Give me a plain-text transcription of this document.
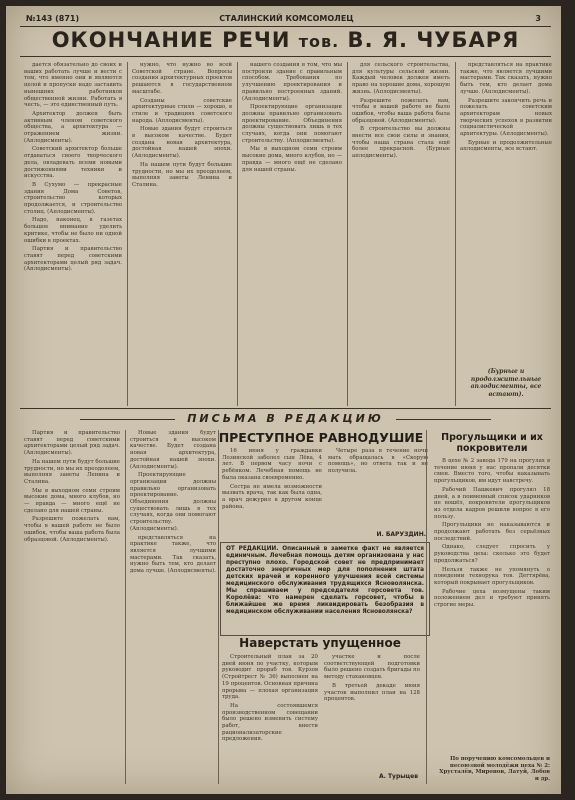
№143 (871)	СТАЛИНСКИЙ КОМСОМОЛЕЦ	3
ОКОНЧАНИЕ РЕЧИ тов. В. Я. ЧУБАРЯ

дается обязательно до своих и ваших работать лучше и вести с тем, что именно они и являются целой и пропуски надо заставить нынешних работников общественной жизни. Работать в честь, — это единственный путь.

Архитектор должен быть активным членом советского общества, а архитектура — отражением жизни. (Аплодисменты).

Советский архитектор больше отдаваться своего творческого дела, овладевать всеми новыми достижениями техники и искусства.

В Сухумо — прекрасные здания Дома Советов, строительство которых продолжается, и строительство столиц. (Аплодисменты).

Надо, наконец, в газетах большое внимание уделить критике, чтобы не было ни одной ошибки в проектах.

Партия и правительство ставят перед советскими архитекторами целый ряд задач. (Аплодисменты).

нужно, что нужно во всей Советской стране. Вопросы создания архитектурных проектов решаются в государственном масштабе.

Созданы советские архитектурные стили — хорошо, в стиле и традициях советского народа. (Аплодисменты).

Новые здания будут строиться в высоком качестве. Будет создана новая архитектура, достойная нашей эпохи. (Аплодисменты).

На нашем пути будут большие трудности, но мы их преодолеем, выполняя заветы Ленина и Сталина.

нашего создания в том, что мы построили здание с правильным способом. Требования по улучшению проектирования и правильно построенных зданий. (Аплодисменты).

Проектирующие организации должны правильно организовать проектирование. Объединения должны существовать лишь в тех случаях, когда они помогают строительству. (Аплодисменты).

Мы в выходном семи строим высокие дома, много клубов, но — правда — много ещё не сделано для нашей страны.

для сельского строительства, для культуры сельской жизни. Каждый человек должен иметь право на хорошие дома, хорошую жизнь. (Аплодисменты).

Разрешите пожелать вам, чтобы в вашей работе не было ошибок, чтобы ваша работа была образцовой. (Аплодисменты).

В строительство вы должны внести все свои силы и знания, чтобы наша страна стала ещё более прекрасной. (Бурные аплодисменты).

представляться на практике также, что является лучшими мастерами. Так сказать, нужно быть тем, кто делает дома лучше. (Аплодисменты).

Разрешите закончить речь и пожелать советским архитекторам новых творческих успехов в развитии социалистической архитектуры. (Аплодисменты).

Бурные и продолжительные аплодисменты, все встают.

(Бурные и продолжительные аплодисменты, все встают).
ПИСЬМА В РЕДАКЦИЮ
ПРЕСТУПНОЕ РАВНОДУШИЕ

16 июня у гражданки Лозинской заболел сын Лёва, 4 лет. В первом часу ночи с ребёнком. Лечебная помощь не была оказана своевременно.

Сестра не имела возможности вызвать врача, так как была одна, а врач дежурил в другом конце района.

Четыре раза в течение ночи мать обращалась в «Скорую помощь», но ответа так и не получила.

И. БАРУЗДИН.
ОТ РЕДАКЦИИ. Описанный в заметке факт не является единичным. Лечебная помощь детям организована у нас преступно плохо. Городской совет не предпринимает достаточно энергичных мер для пополнения штата детских врачей и коренного улучшения всей системы медицинского обслуживания трудящихся Ясноволянска. Мы спрашиваем у председателя горсовета тов. Королёва: что намерен сделать горсовет, чтобы в ближайшее же время ликвидировать безобразия в медицинском обслуживании населения Ясноволянска?

Партия и правительство ставят перед советскими архитекторами целый ряд задач. (Аплодисменты).

На нашем пути будут большие трудности, но мы их преодолеем, выполняя заветы Ленина и Сталина.

Мы в выходном семи строим высокие дома, много клубов, но — правда — много ещё не сделано для нашей страны.

Разрешите пожелать вам, чтобы в вашей работе не было ошибок, чтобы ваша работа была образцовой. (Аплодисменты).

Новые здания будут строиться в высоком качестве. Будет создана новая архитектура, достойная нашей эпохи. (Аплодисменты).

Проектирующие организации должны правильно организовать проектирование. Объединения должны существовать лишь в тех случаях, когда они помогают строительству. (Аплодисменты).

представляться на практике также, что является лучшими мастерами. Так сказать, нужно быть тем, кто делает дома лучше. (Аплодисменты).

Наверстать упущенное

Строительный план за 20 дней июня по участку, которым руководит прораб тов. Курзов (Стройтрест № 36) выполнен на 19 процентов. Основная причина прорыва — плохая организация труда.

На состоявшемся производственном совещании было решено изменить систему работ, внести рационализаторские предложения.

участке и после соответствующей подготовки было решено создать бригады по методу стахановцев.

В третьей декаде июня участок выполнил план на 128 процентов.

А. Турыцев
Прогульщики и их покровители

В цехе № 2 завода 179 на прогулах в течение июня у нас пропали десятки смен. Вместо того, чтобы наказывать прогульщиков, им идут навстречу.

Рабочий Пашкевич прогулял 18 дней, а в поименный список ударников не вошёл, покровители прогульщиков из отдела кадров решили вопрос в его пользу.

Прогульщики не наказываются и продолжают работать без серьёзных последствий.

Однако, следует спросить у руководства цеха: сколько это будет продолжаться?

Нельзя также не упомянуть о поведении технорука тов. Дегтярёва, который покрывает прогульщиков.

Рабочие цеха возмущены таким положением дел и требуют принять строгие меры.

По поручению комсомольцев и несоюзной молодёжи цеха № 2: Хрусталёв, Миронов, Латуй, Лобов и др.
